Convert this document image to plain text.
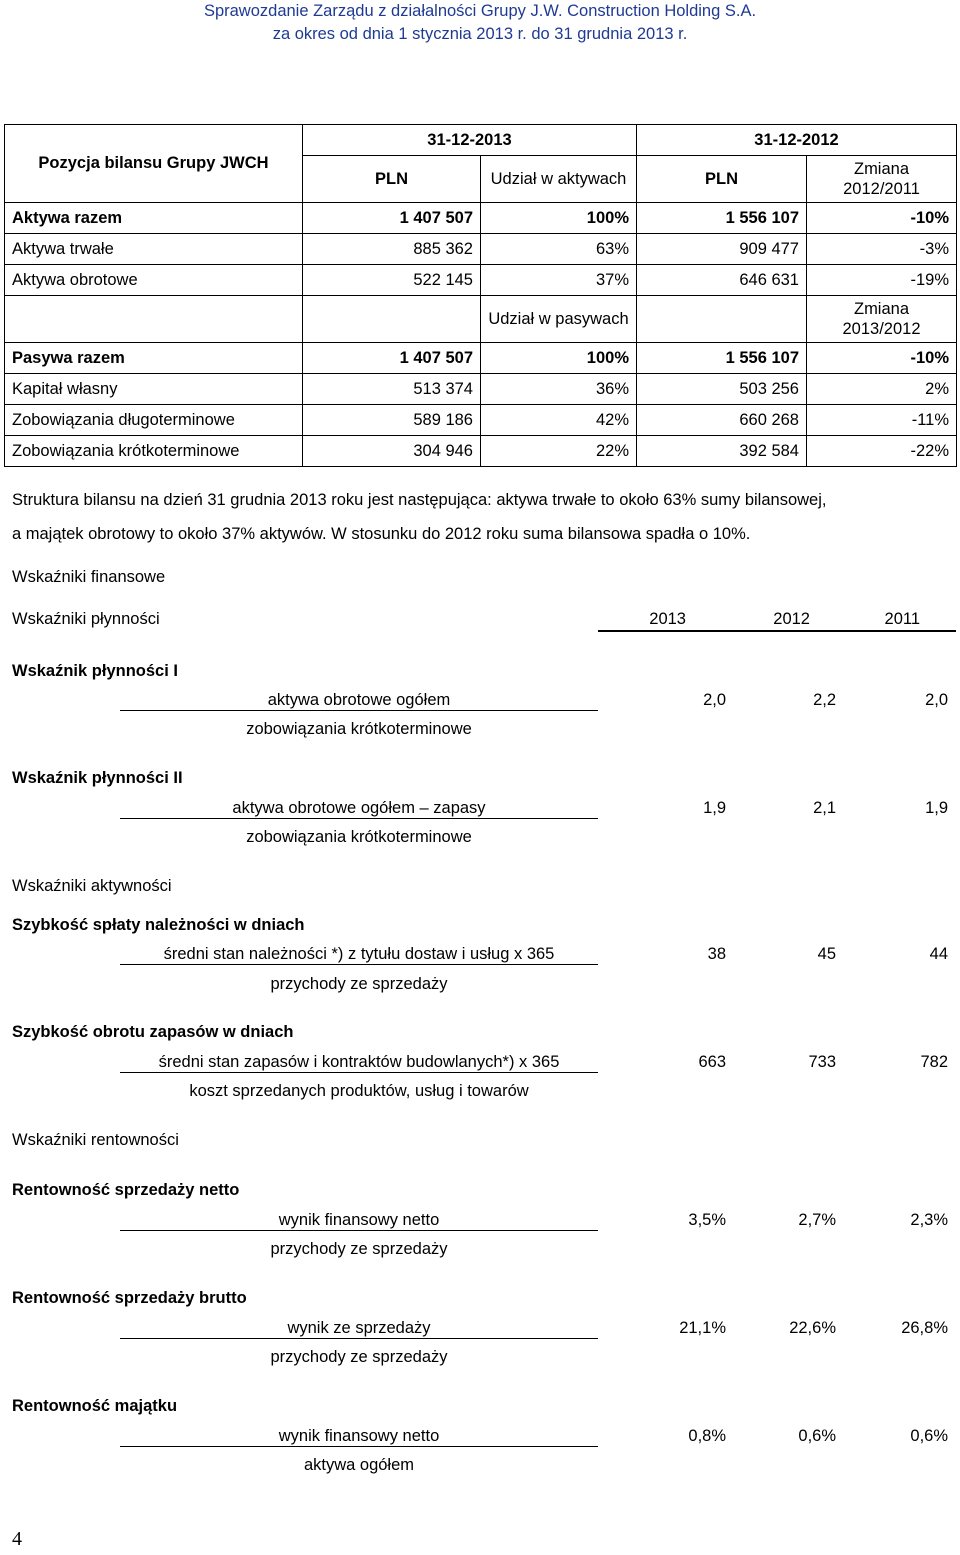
Sprawozdanie Zarządu z działalności Grupy J.W. Construction Holding S.A.
za okres od dnia 1 stycznia 2013 r. do 31 grudnia 2013 r.
Pozycja bilansu Grupy JWCH	31-12-2013		31-12-2012	
	PLN	Udział w aktywach	PLN	Zmiana 2012/2011
Aktywa razem	1 407 507	100%	1 556 107	-10%
Aktywa trwałe	885 362	63%	909 477	-3%
Aktywa obrotowe	522 145	37%	646 631	-19%
		Udział w pasywach		Zmiana 2013/2012
Pasywa razem	1 407 507	100%	1 556 107	-10%
Kapitał własny	513 374	36%	503 256	2%
Zobowiązania długoterminowe	589 186	42%	660 268	-11%
Zobowiązania krótkoterminowe	304 946	22%	392 584	-22%
Struktura bilansu na dzień 31 grudnia 2013 roku jest następująca: aktywa trwałe to około 63% sumy bilansowej,
a majątek obrotowy to około 37% aktywów. W stosunku do 2012 roku suma bilansowa spadła o 10%.
Wskaźniki finansowe
Wskaźniki płynności	2013	2012	2011
Wskaźnik płynności I
aktywa obrotowe ogółem
zobowiązania krótkoterminowe
2,0	2,2	2,0
Wskaźnik płynności II
aktywa obrotowe ogółem – zapasy
zobowiązania krótkoterminowe
1,9	2,1	1,9
Wskaźniki aktywności
Szybkość spłaty należności w dniach
średni stan należności *) z tytułu dostaw i usług x 365
przychody ze sprzedaży
38	45	44
Szybkość obrotu zapasów w dniach
średni stan zapasów i kontraktów budowlanych*) x 365
koszt sprzedanych produktów, usług i towarów
663	733	782
Wskaźniki rentowności
Rentowność sprzedaży netto
wynik finansowy netto
przychody ze sprzedaży
3,5%	2,7%	2,3%
Rentowność sprzedaży brutto
wynik ze sprzedaży
przychody ze sprzedaży
21,1%	22,6%	26,8%
Rentowność majątku
wynik finansowy netto
aktywa ogółem
0,8%	0,6%	0,6%
4
